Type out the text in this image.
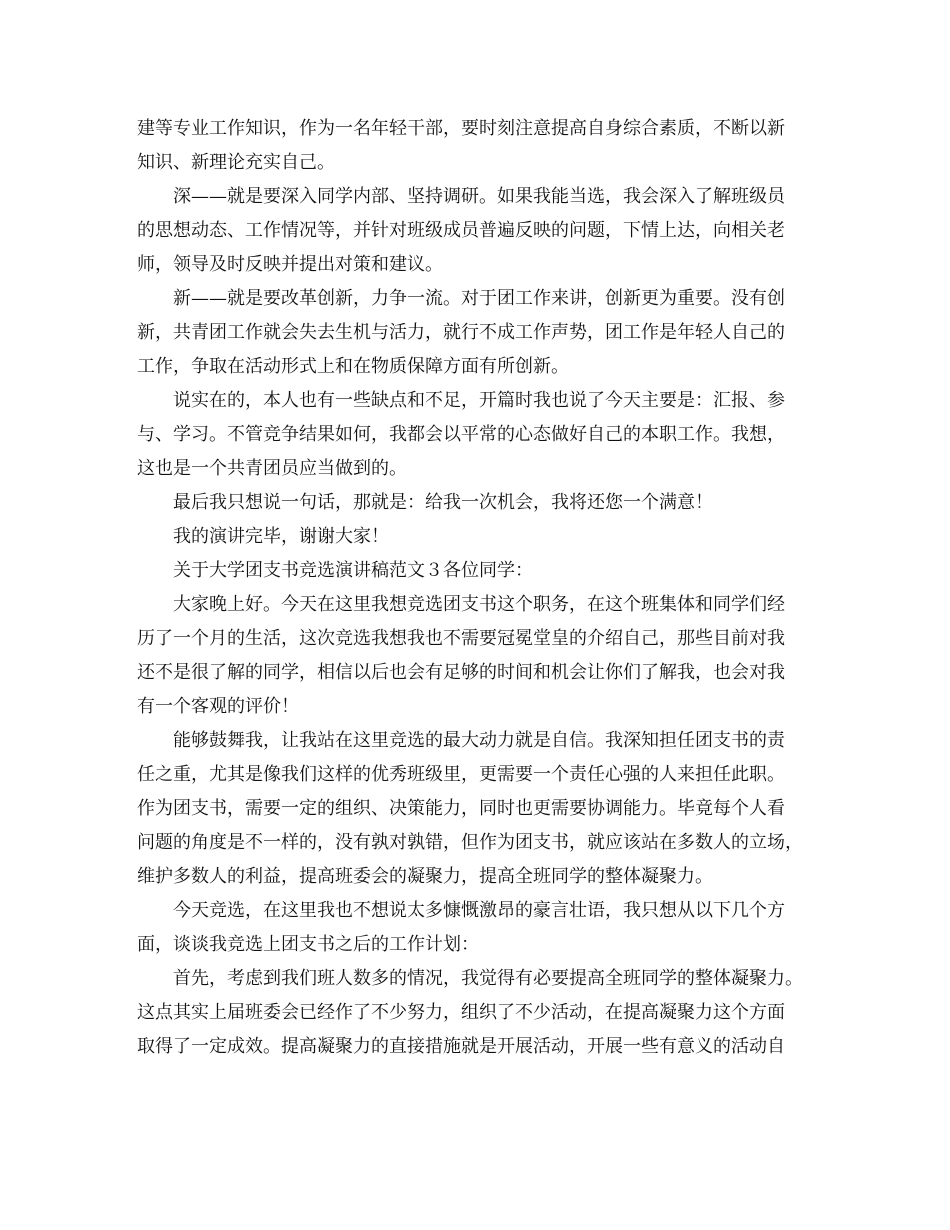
建等专业工作知识，作为一名年轻干部，要时刻注意提高自身综合素质，不断以新
知识、新理论充实自己。
深——就是要深入同学内部、坚持调研。如果我能当选，我会深入了解班级员
的思想动态、工作情况等，并针对班级成员普遍反映的问题，下情上达，向相关老
师，领导及时反映并提出对策和建议。
新——就是要改革创新，力争一流。对于团工作来讲，创新更为重要。没有创
新，共青团工作就会失去生机与活力，就行不成工作声势，团工作是年轻人自己的
工作，争取在活动形式上和在物质保障方面有所创新。
说实在的，本人也有一些缺点和不足，开篇时我也说了今天主要是：汇报、参
与、学习。不管竞争结果如何，我都会以平常的心态做好自己的本职工作。我想，
这也是一个共青团员应当做到的。
最后我只想说一句话，那就是：给我一次机会，我将还您一个满意！
我的演讲完毕，谢谢大家！
关于大学团支书竞选演讲稿范文３各位同学：
大家晚上好。今天在这里我想竞选团支书这个职务，在这个班集体和同学们经
历了一个月的生活，这次竞选我想我也不需要冠冕堂皇的介绍自己，那些目前对我
还不是很了解的同学，相信以后也会有足够的时间和机会让你们了解我，也会对我
有一个客观的评价！
能够鼓舞我，让我站在这里竞选的最大动力就是自信。我深知担任团支书的责
任之重，尤其是像我们这样的优秀班级里，更需要一个责任心强的人来担任此职。
作为团支书，需要一定的组织、决策能力，同时也更需要协调能力。毕竟每个人看
问题的角度是不一样的，没有孰对孰错，但作为团支书，就应该站在多数人的立场，
维护多数人的利益，提高班委会的凝聚力，提高全班同学的整体凝聚力。
今天竞选，在这里我也不想说太多慷慨激昂的豪言壮语，我只想从以下几个方
面，谈谈我竞选上团支书之后的工作计划：
首先，考虑到我们班人数多的情况，我觉得有必要提高全班同学的整体凝聚力。
这点其实上届班委会已经作了不少努力，组织了不少活动，在提高凝聚力这个方面
取得了一定成效。提高凝聚力的直接措施就是开展活动，开展一些有意义的活动自
